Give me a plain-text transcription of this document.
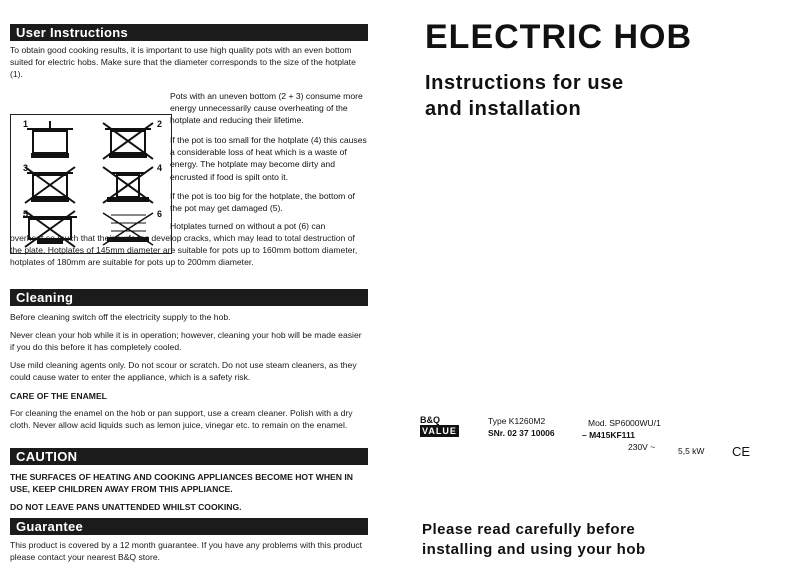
User Instructions
To obtain good cooking results, it is important to use high quality pots with an even bottom suited for electric hobs. Make sure that the diameter corresponds to the size of the hotplate (1).
1	2
3	4
5	6
Pots with an uneven bottom (2 + 3) consume more energy unnecessarily cause overheating of the hotplate and reducing their lifetime.
If the pot is too small for the hotplate (4) this causes a considerable loss of heat which is a waste of energy. The hotplate may become dirty and encrusted if food is spilt onto it.
If the pot is too big for the hotplate, the bottom of the pot may get damaged (5).
Hotplates turned on without a pot (6) can
overheat so much that their surfaces develop cracks, which may lead to total destruction of the plate. Hotplates of 145mm diameter are suitable for pots up to 160mm bottom diameter, hotplates of 180mm are suitable for pots up to 200mm diameter.
Cleaning
Before cleaning switch off the electricity supply to the hob.
Never clean your hob while it is in operation; however, cleaning your hob will be made easier if you do this before it has completely cooled.
Use mild cleaning agents only. Do not scour or scratch. Do not use steam cleaners, as they could cause water to enter the appliance, which is a safety risk.
CARE OF THE ENAMEL
For cleaning the enamel on the hob or pan support, use a cream cleaner. Polish with a dry cloth. Never allow acid liquids such as lemon juice, vinegar etc. to remain on the enamel.
CAUTION
THE SURFACES OF HEATING AND COOKING APPLIANCES BECOME HOT WHEN IN USE, KEEP CHILDREN AWAY FROM THIS APPLIANCE.
DO NOT LEAVE PANS UNATTENDED WHILST COOKING.
Guarantee
This product is covered by a 12 month guarantee. If you have any problems with this product please contact your nearest B&Q store.
ELECTRIC HOB
Instructions for use
and installation
B&Q
VALUE
Type K1260M2
SNr. 02 37 10006
Mod. SP6000WU/1
– M415KF111
230V ~	5,5 kW CE
Please read carefully before
installing and using your hob
